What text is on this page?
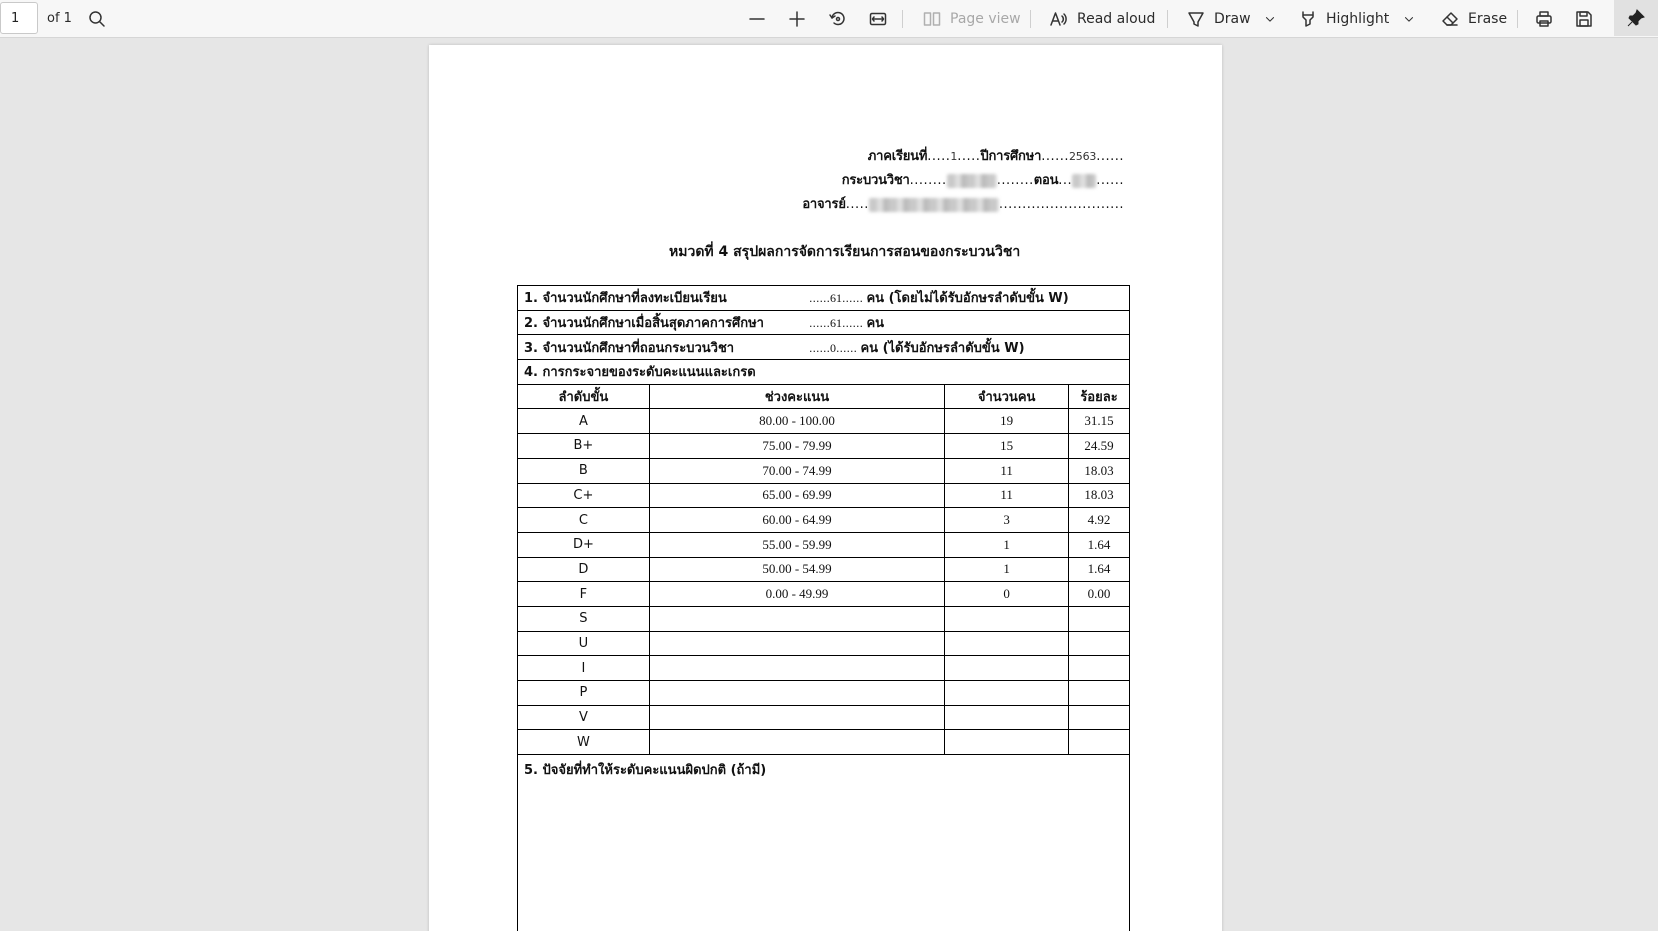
1
of 1	Page view	Read aloud	Draw	Highlight	Erase
ภาคเรียนที่.....1.....ปีการศึกษา......2563......
กระบวนวิชา........	........ตอน... ......
อาจารย์.....	...........................
หมวดที่ 4 สรุปผลการจัดการเรียนการสอนของกระบวนวิชา
1. จำนวนนักศึกษาที่ลงทะเบียนเรียน ......61...... คน (โดยไม่ได้รับอักษรลำดับขั้น W)			
2. จำนวนนักศึกษาเมื่อสิ้นสุดภาคการศึกษา ......61...... คน			
3. จำนวนนักศึกษาที่ถอนกระบวนวิชา ......0...... คน (ได้รับอักษรลำดับขั้น W)			
4. การกระจายของระดับคะแนนและเกรด			
ลำดับขั้น	ช่วงคะแนน	จำนวนคน	ร้อยละ
A	80.00 - 100.00	19	31.15
B+	75.00 - 79.99	15	24.59
B	70.00 - 74.99	11	18.03
C+	65.00 - 69.99	11	18.03
C	60.00 - 64.99	3	4.92
D+	55.00 - 59.99	1	1.64
D	50.00 - 54.99	1	1.64
F	0.00 - 49.99	0	0.00
S			
U			
I			
P			
V			
W			
5. ปัจจัยที่ทำให้ระดับคะแนนผิดปกติ (ถ้ามี)			
